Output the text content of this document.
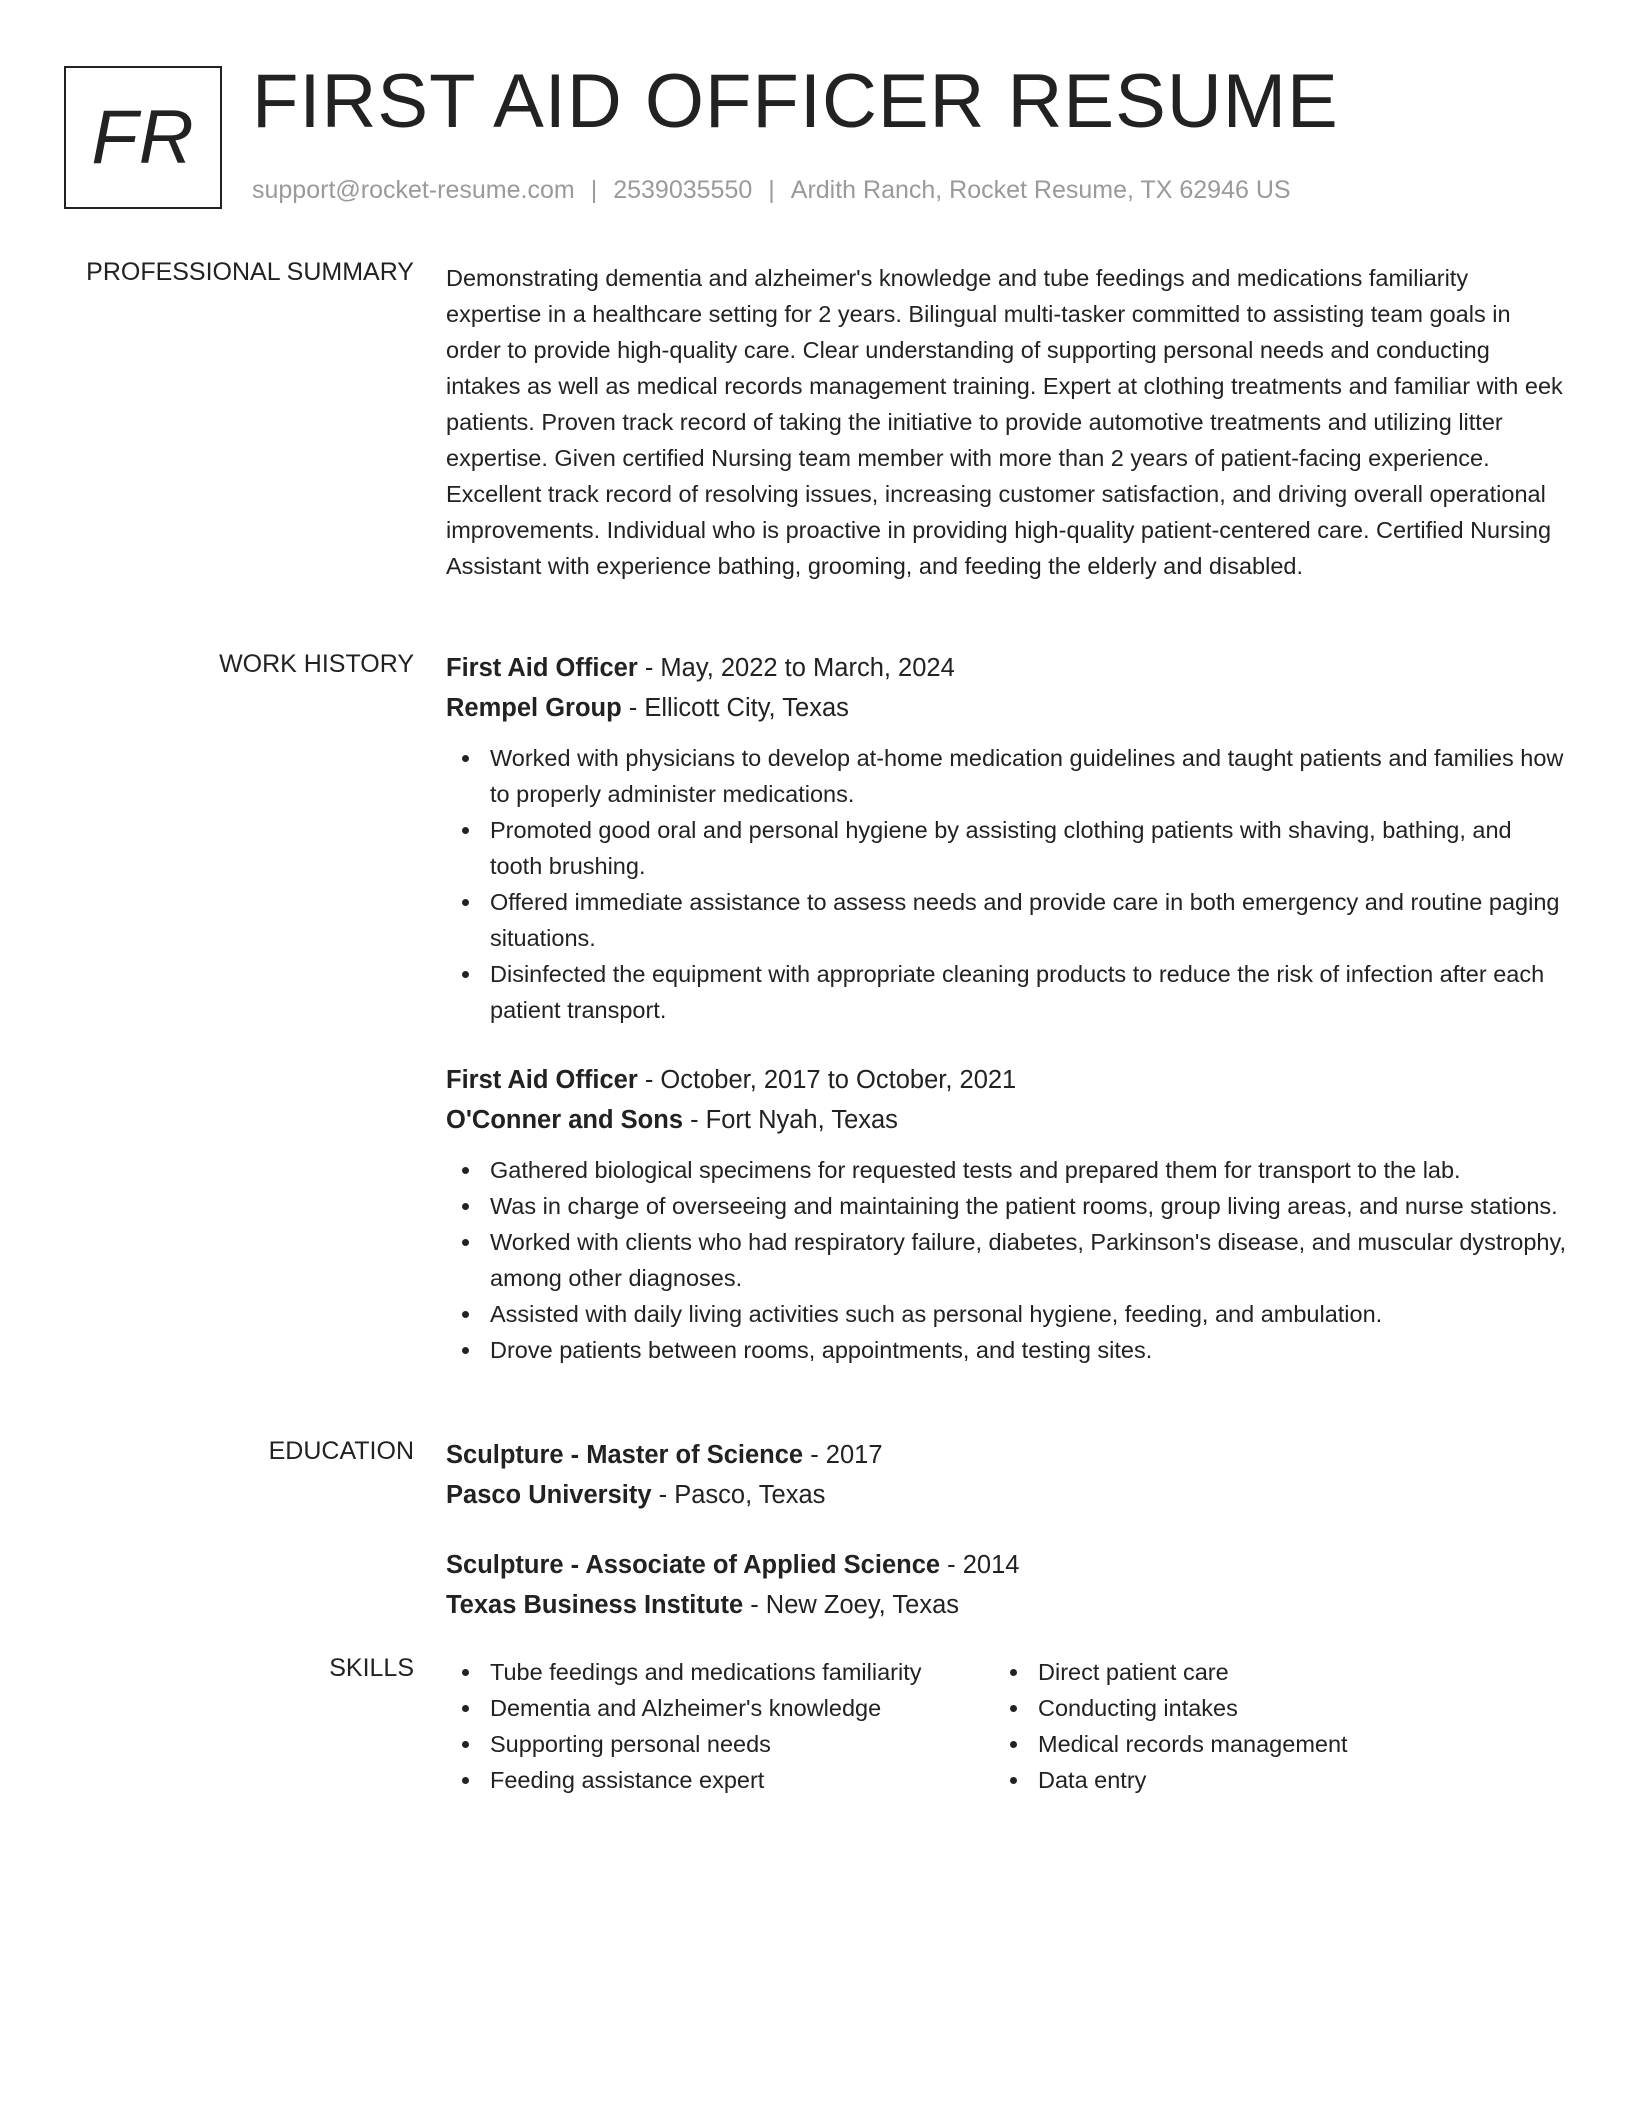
FR FIRST AID OFFICER RESUME
support@rocket-resume.com | 2539035550 | Ardith Ranch, Rocket Resume, TX 62946 US
PROFESSIONAL SUMMARY Demonstrating dementia and alzheimer's knowledge and tube feedings and medications familiarity expertise in a healthcare setting for 2 years. Bilingual multi-tasker committed to assisting team goals in order to provide high-quality care. Clear understanding of supporting personal needs and conducting intakes as well as medical records management training. Expert at clothing treatments and familiar with eek patients. Proven track record of taking the initiative to provide automotive treatments and utilizing litter expertise. Given certified Nursing team member with more than 2 years of patient-facing experience. Excellent track record of resolving issues, increasing customer satisfaction, and driving overall operational improvements. Individual who is proactive in providing high-quality patient-centered care. Certified Nursing Assistant with experience bathing, grooming, and feeding the elderly and disabled.

WORK HISTORY First Aid Officer - May, 2022 to March, 2024
Rempel Group - Ellicott City, Texas
Worked with physicians to develop at-home medication guidelines and taught patients and families how to properly administer medications.
Promoted good oral and personal hygiene by assisting clothing patients with shaving, bathing, and tooth brushing.
Offered immediate assistance to assess needs and provide care in both emergency and routine paging situations.
Disinfected the equipment with appropriate cleaning products to reduce the risk of infection after each patient transport.
First Aid Officer - October, 2017 to October, 2021
O'Conner and Sons - Fort Nyah, Texas
Gathered biological specimens for requested tests and prepared them for transport to the lab.
Was in charge of overseeing and maintaining the patient rooms, group living areas, and nurse stations.
Worked with clients who had respiratory failure, diabetes, Parkinson's disease, and muscular dystrophy, among other diagnoses.
Assisted with daily living activities such as personal hygiene, feeding, and ambulation.
Drove patients between rooms, appointments, and testing sites.
EDUCATION Sculpture - Master of Science - 2017
Pasco University - Pasco, Texas
Sculpture - Associate of Applied Science - 2014
Texas Business Institute - New Zoey, Texas
SKILLS	Tube feedings and medications familiarity
Dementia and Alzheimer's knowledge
Supporting personal needs
Feeding assistance expert
Direct patient care
Conducting intakes
Medical records management
Data entry
